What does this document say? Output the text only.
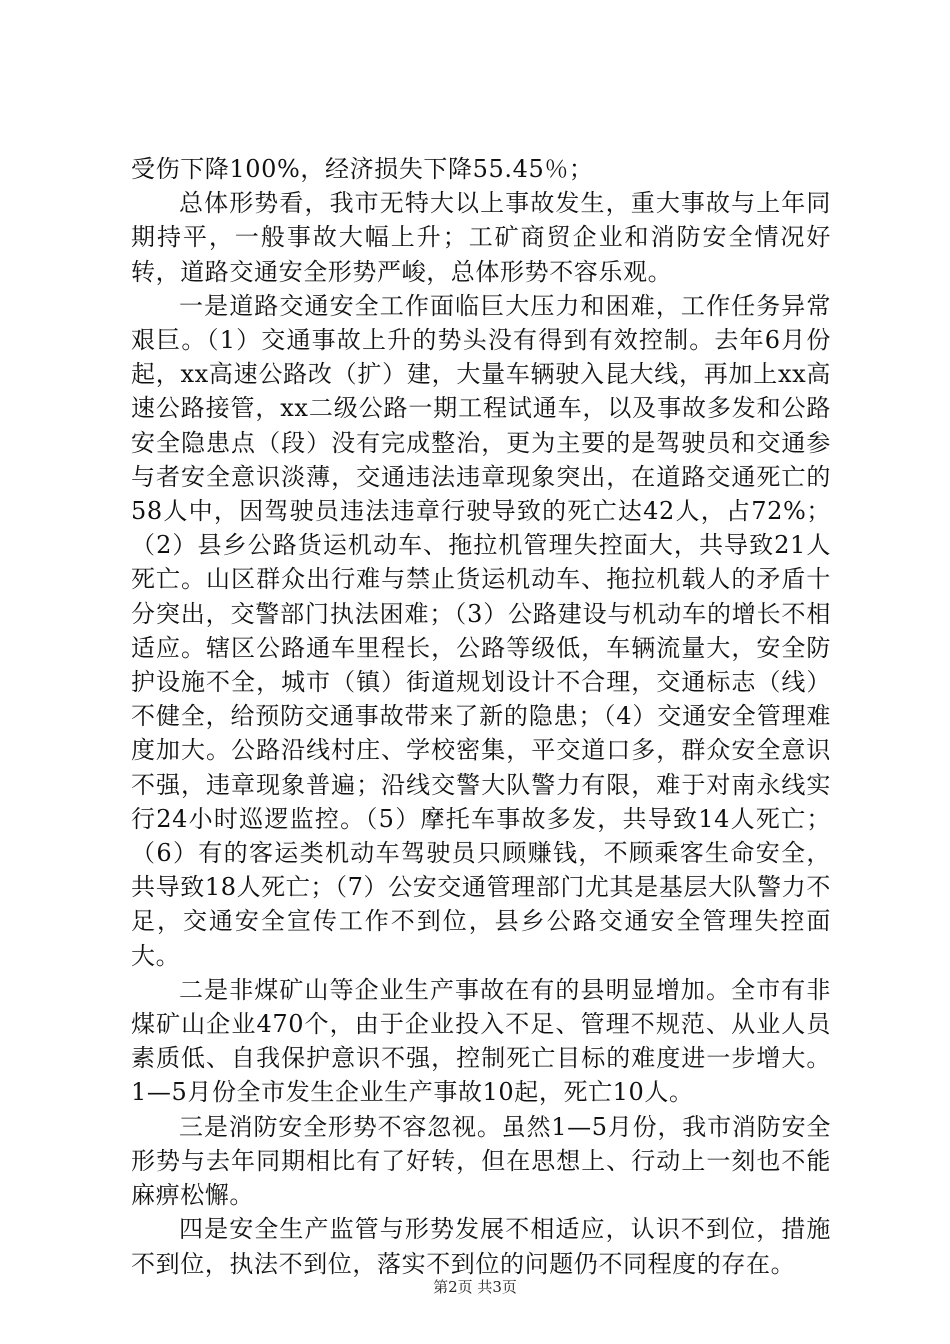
受伤下降100%，经济损失下降55.45％；

总体形势看，我市无特大以上事故发生，重大事故与上年同期持平，一般事故大幅上升；工矿商贸企业和消防安全情况好转，道路交通安全形势严峻，总体形势不容乐观。

一是道路交通安全工作面临巨大压力和困难，工作任务异常艰巨。（1）交通事故上升的势头没有得到有效控制。去年6月份起，xx高速公路改（扩）建，大量车辆驶入昆大线，再加上xx高速公路接管，xx二级公路一期工程试通车，以及事故多发和公路安全隐患点（段）没有完成整治，更为主要的是驾驶员和交通参与者安全意识淡薄，交通违法违章现象突出，在道路交通死亡的58人中，因驾驶员违法违章行驶导致的死亡达42人，占72%；（2）县乡公路货运机动车、拖拉机管理失控面大，共导致21人死亡。山区群众出行难与禁止货运机动车、拖拉机载人的矛盾十分突出，交警部门执法困难；（3）公路建设与机动车的增长不相适应。辖区公路通车里程长，公路等级低，车辆流量大，安全防护设施不全，城市（镇）街道规划设计不合理，交通标志（线）不健全，给预防交通事故带来了新的隐患；（4）交通安全管理难度加大。公路沿线村庄、学校密集，平交道口多，群众安全意识不强，违章现象普遍；沿线交警大队警力有限，难于对南永线实行24小时巡逻监控。（5）摩托车事故多发，共导致14人死亡；（6）有的客运类机动车驾驶员只顾赚钱，不顾乘客生命安全，共导致18人死亡；（7）公安交通管理部门尤其是基层大队警力不足，交通安全宣传工作不到位，县乡公路交通安全管理失控面大。

二是非煤矿山等企业生产事故在有的县明显增加。全市有非煤矿山企业470个，由于企业投入不足、管理不规范、从业人员素质低、自我保护意识不强，控制死亡目标的难度进一步增大。1—5月份全市发生企业生产事故10起，死亡10人。

三是消防安全形势不容忽视。虽然1—5月份，我市消防安全形势与去年同期相比有了好转，但在思想上、行动上一刻也不能麻痹松懈。

四是安全生产监管与形势发展不相适应，认识不到位，措施不到位，执法不到位，落实不到位的问题仍不同程度的存在。

第2页 共3页
